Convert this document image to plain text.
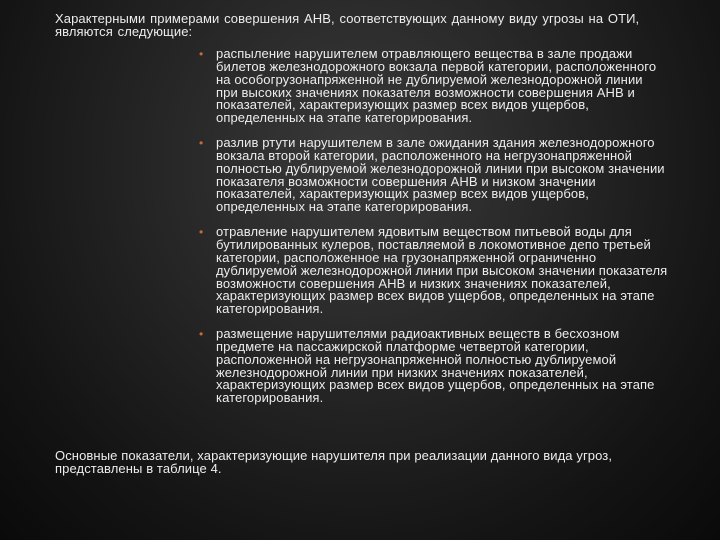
Характерными примерами совершения АНВ, соответствующих данному виду угрозы на ОТИ, являются следующие:
• распыление нарушителем отравляющего вещества в зале продажи билетов железнодорожного вокзала первой категории, расположенного на особогрузонапряженной не дублируемой железнодорожной линии при высоких значениях показателя возможности совершения АНВ и показателей, характеризующих размер всех видов ущербов, определенных на этапе категорирования.
• разлив ртути нарушителем в зале ожидания здания железнодорожного вокзала второй категории, расположенного на негрузонапряженной полностью дублируемой железнодорожной линии при высоком значении показателя возможности совершения АНВ и низком значении показателей, характеризующих размер всех видов ущербов, определенных на этапе категорирования.
• отравление нарушителем ядовитым веществом питьевой воды для бутилированных кулеров, поставляемой в локомотивное депо третьей категории, расположенное на грузонапряженной ограниченно дублируемой железнодорожной линии при высоком значении показателя возможности совершения АНВ и низких значениях показателей, характеризующих размер всех видов ущербов, определенных на этапе категорирования.
• размещение нарушителями радиоактивных веществ в бесхозном предмете на пассажирской платформе четвертой категории, расположенной на негрузонапряженной полностью дублируемой железнодорожной линии при низких значениях показателей, характеризующих размер всех видов ущербов, определенных на этапе категорирования.
Основные показатели, характеризующие нарушителя при реализации данного вида угроз, представлены в таблице 4.
